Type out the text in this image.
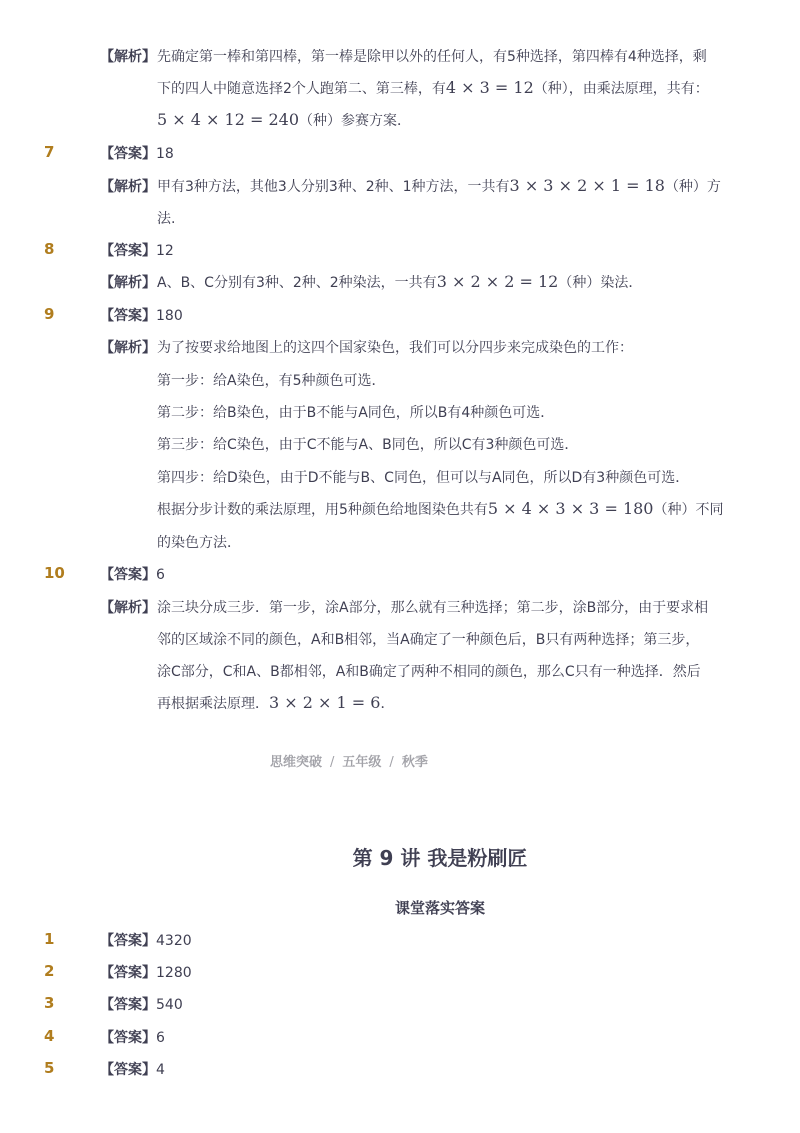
【解析】 先确定第一棒和第四棒，第一棒是除甲以外的任何人，有5种选择，第四棒有4种选择，剩
下的四人中随意选择2个人跑第二、第三棒，有4 × 3 = 12（种），由乘法原理，共有：
5 × 4 × 12 = 240（种）参赛方案．
7	【答案】18
【解析】 甲有3种方法，其他3人分别3种、2种、1种方法，一共有3 × 3 × 2 × 1 = 18（种）方
法.
8	【答案】12
【解析】 A、B、C分别有3种、2种、2种染法，一共有3 × 2 × 2 = 12（种）染法．
9	【答案】180
【解析】 为了按要求给地图上的这四个国家染色，我们可以分四步来完成染色的工作：
第一步：给A染色，有5种颜色可选．
第二步：给B染色，由于B不能与A同色，所以B有4种颜色可选．
第三步：给C染色，由于C不能与A、B同色，所以C有3种颜色可选．
第四步：给D染色，由于D不能与B、C同色，但可以与A同色，所以D有3种颜色可选．
根据分步计数的乘法原理，用5种颜色给地图染色共有5 × 4 × 3 × 3 = 180（种）不同
的染色方法．
10	【答案】6
【解析】 涂三块分成三步．第一步，涂A部分，那么就有三种选择；第二步，涂B部分，由于要求相
邻的区域涂不同的颜色，A和B相邻，当A确定了一种颜色后，B只有两种选择；第三步，
涂C部分，C和A、B都相邻，A和B确定了两种不相同的颜色，那么C只有一种选择．然后
再根据乘法原理．3 × 2 × 1 = 6．
思维突破 / 五年级 / 秋季
第 9 讲 我是粉刷匠
课堂落实答案
1	【答案】4320
2	【答案】1280
3	【答案】540
4	【答案】6
5	【答案】4
